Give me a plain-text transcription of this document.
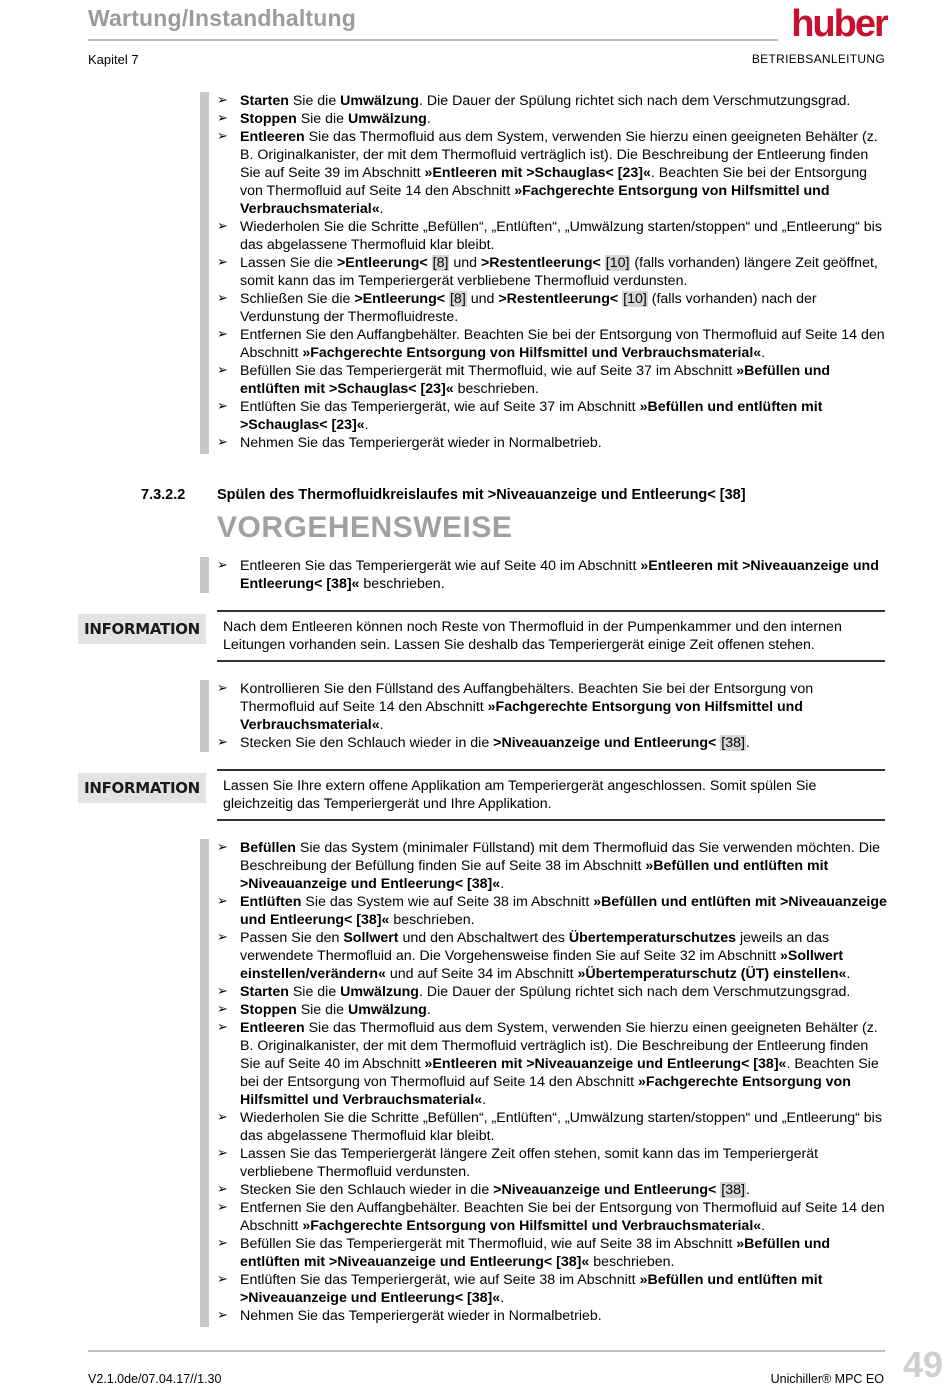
Wartung/Instandhaltung	huber
Kapitel 7	BETRIEBSANLEITUNG
➢ Starten Sie die Umwälzung. Die Dauer der Spülung richtet sich nach dem Verschmutzungsgrad.
➢ Stoppen Sie die Umwälzung.
➢ Entleeren Sie das Thermofluid aus dem System, verwenden Sie hierzu einen geeigneten Behälter (z. B. Originalkanister, der mit dem Thermofluid verträglich ist). Die Beschreibung der Entleerung finden Sie auf Seite 39 im Abschnitt »Entleeren mit >Schauglas< [23]«. Beachten Sie bei der Entsorgung von Thermofluid auf Seite 14 den Abschnitt »Fachgerechte Entsorgung von Hilfsmittel und Verbrauchsmaterial«.
➢ Wiederholen Sie die Schritte „Befüllen“, „Entlüften“, „Umwälzung starten/stoppen“ und „Entleerung“ bis das abgelassene Thermofluid klar bleibt.
➢ Lassen Sie die >Entleerung< [8] und >Restentleerung< [10] (falls vorhanden) längere Zeit geöffnet, somit kann das im Temperiergerät verbliebene Thermofluid verdunsten.
➢ Schließen Sie die >Entleerung< [8] und >Restentleerung< [10] (falls vorhanden) nach der Verdunstung der Thermofluidreste.
➢ Entfernen Sie den Auffangbehälter. Beachten Sie bei der Entsorgung von Thermofluid auf Seite 14 den Abschnitt »Fachgerechte Entsorgung von Hilfsmittel und Verbrauchsmaterial«.
➢ Befüllen Sie das Temperiergerät mit Thermofluid, wie auf Seite 37 im Abschnitt »Befüllen und entlüften mit >Schauglas< [23]« beschrieben.
➢ Entlüften Sie das Temperiergerät, wie auf Seite 37 im Abschnitt »Befüllen und entlüften mit >Schauglas< [23]«.
➢ Nehmen Sie das Temperiergerät wieder in Normalbetrieb.
7.3.2.2 Spülen des Thermofluidkreislaufes mit >Niveauanzeige und Entleerung< [38]
VORGEHENSWEISE
➢ Entleeren Sie das Temperiergerät wie auf Seite 40 im Abschnitt »Entleeren mit >Niveauanzeige und Entleerung< [38]« beschrieben.
INFORMATION	Nach dem Entleeren können noch Reste von Thermofluid in der Pumpenkammer und den internen Leitungen vorhanden sein. Lassen Sie deshalb das Temperiergerät einige Zeit offenen stehen.
➢ Kontrollieren Sie den Füllstand des Auffangbehälters. Beachten Sie bei der Entsorgung von Thermofluid auf Seite 14 den Abschnitt »Fachgerechte Entsorgung von Hilfsmittel und Verbrauchsmaterial«.
➢ Stecken Sie den Schlauch wieder in die >Niveauanzeige und Entleerung< [38].
INFORMATION	Lassen Sie Ihre extern offene Applikation am Temperiergerät angeschlossen. Somit spülen Sie gleichzeitig das Temperiergerät und Ihre Applikation.
➢ Befüllen Sie das System (minimaler Füllstand) mit dem Thermofluid das Sie verwenden möchten. Die Beschreibung der Befüllung finden Sie auf Seite 38 im Abschnitt »Befüllen und entlüften mit >Niveauanzeige und Entleerung< [38]«.
➢ Entlüften Sie das System wie auf Seite 38 im Abschnitt »Befüllen und entlüften mit >Niveauanzeige und Entleerung< [38]« beschrieben.
➢ Passen Sie den Sollwert und den Abschaltwert des Übertemperaturschutzes jeweils an das verwendete Thermofluid an. Die Vorgehensweise finden Sie auf Seite 32 im Abschnitt »Sollwert einstellen/verändern« und auf Seite 34 im Abschnitt »Übertemperaturschutz (ÜT) einstellen«.
➢ Starten Sie die Umwälzung. Die Dauer der Spülung richtet sich nach dem Verschmutzungsgrad.
➢ Stoppen Sie die Umwälzung.
➢ Entleeren Sie das Thermofluid aus dem System, verwenden Sie hierzu einen geeigneten Behälter (z. B. Originalkanister, der mit dem Thermofluid verträglich ist). Die Beschreibung der Entleerung finden Sie auf Seite 40 im Abschnitt »Entleeren mit >Niveauanzeige und Entleerung< [38]«. Beachten Sie bei der Entsorgung von Thermofluid auf Seite 14 den Abschnitt »Fachgerechte Entsorgung von Hilfsmittel und Verbrauchsmaterial«.
➢ Wiederholen Sie die Schritte „Befüllen“, „Entlüften“, „Umwälzung starten/stoppen“ und „Entleerung“ bis das abgelassene Thermofluid klar bleibt.
➢ Lassen Sie das Temperiergerät längere Zeit offen stehen, somit kann das im Temperiergerät verbliebene Thermofluid verdunsten.
➢ Stecken Sie den Schlauch wieder in die >Niveauanzeige und Entleerung< [38].
➢ Entfernen Sie den Auffangbehälter. Beachten Sie bei der Entsorgung von Thermofluid auf Seite 14 den Abschnitt »Fachgerechte Entsorgung von Hilfsmittel und Verbrauchsmaterial«.
➢ Befüllen Sie das Temperiergerät mit Thermofluid, wie auf Seite 38 im Abschnitt »Befüllen und entlüften mit >Niveauanzeige und Entleerung< [38]« beschrieben.
➢ Entlüften Sie das Temperiergerät, wie auf Seite 38 im Abschnitt »Befüllen und entlüften mit >Niveauanzeige und Entleerung< [38]«.
➢ Nehmen Sie das Temperiergerät wieder in Normalbetrieb.
V2.1.0de/07.04.17//1.30	Unichiller® MPC EO 49
